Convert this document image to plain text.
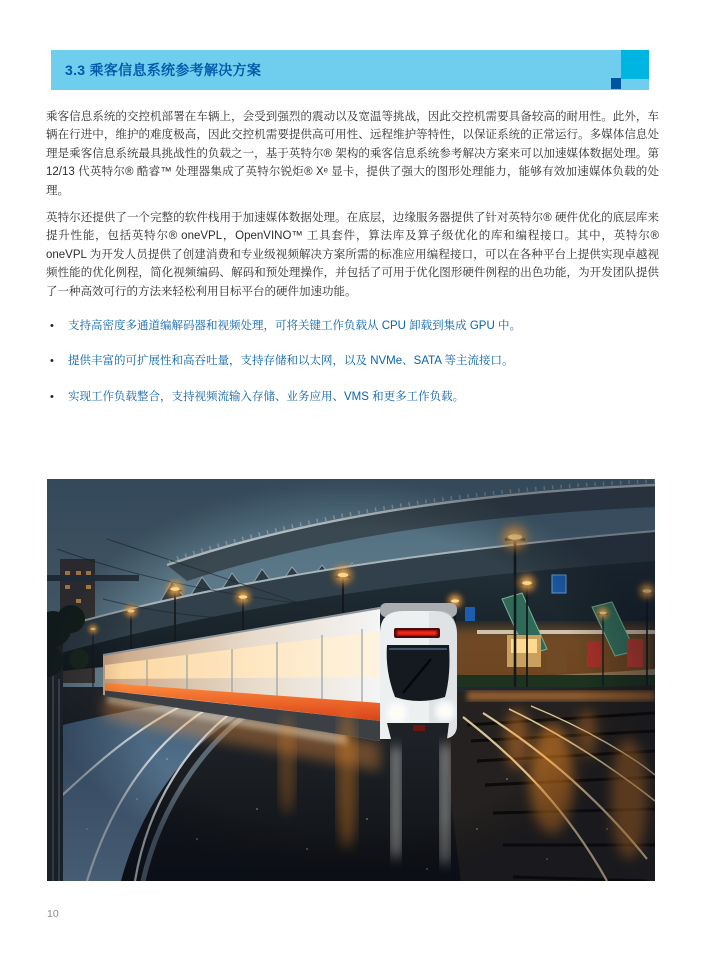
3.3 乘客信息系统参考解决方案

乘客信息系统的交控机部署在车辆上，会受到强烈的震动以及宽温等挑战，因此交控机需要具备较高的耐用性。此外，车辆在行进中，维护的难度极高，因此交控机需要提供高可用性、远程维护等特性，以保证系统的正常运行。多媒体信息处理是乘客信息系统最具挑战性的负载之一，基于英特尔® 架构的乘客信息系统参考解决方案来可以加速媒体数据处理。第 12/13 代英特尔® 酷睿™ 处理器集成了英特尔锐炬® Xᵉ 显卡，提供了强大的图形处理能力，能够有效加速媒体负载的处理。

英特尔还提供了一个完整的软件栈用于加速媒体数据处理。在底层，边缘服务器提供了针对英特尔® 硬件优化的底层库来提升性能，包括英特尔® oneVPL，OpenVINO™ 工具套件，算法库及算子级优化的库和编程接口。其中，英特尔® oneVPL 为开发人员提供了创建消费和专业级视频解决方案所需的标准应用编程接口，可以在各种平台上提供实现卓越视频性能的优化例程，简化视频编码、解码和预处理操作，并包括了可用于优化图形硬件例程的出色功能，为开发团队提供了一种高效可行的方法来轻松利用目标平台的硬件加速功能。

• 支持高密度多通道编解码器和视频处理，可将关键工作负载从 CPU 卸载到集成 GPU 中。
• 提供丰富的可扩展性和高吞吐量，支持存储和以太网，以及 NVMe、SATA 等主流接口。
• 实现工作负载整合，支持视频流输入存储、业务应用、VMS 和更多工作负载。
10
